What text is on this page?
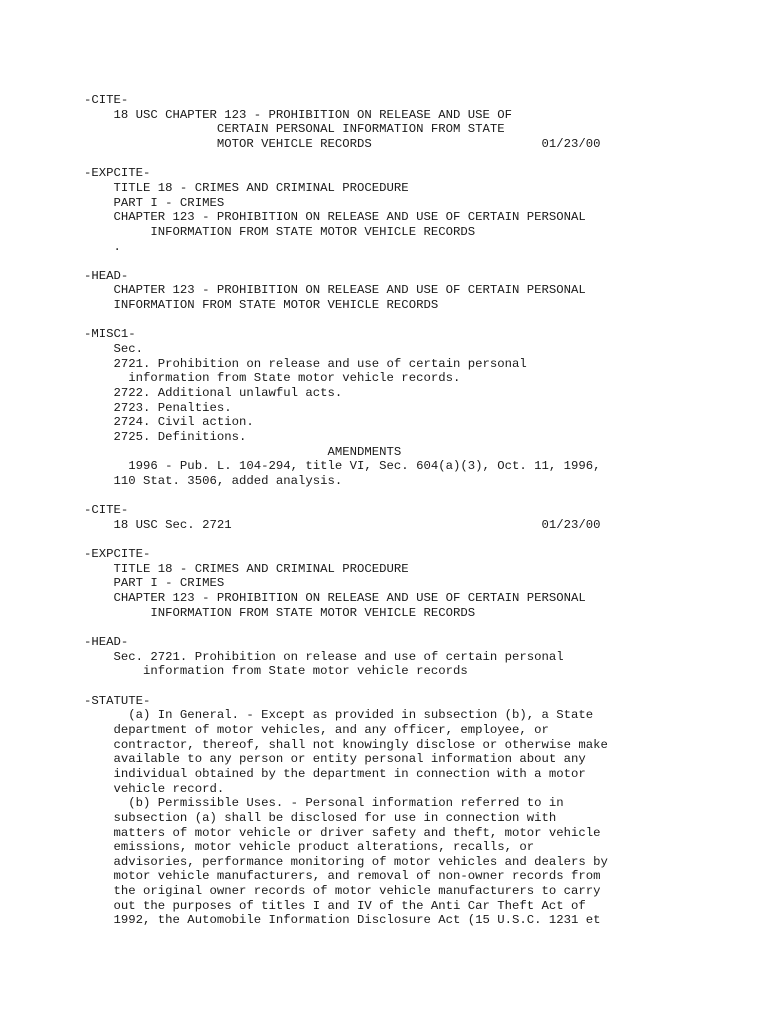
-CITE-
18 USC CHAPTER 123 - PROHIBITION ON RELEASE AND USE OF
CERTAIN PERSONAL INFORMATION FROM STATE
MOTOR VEHICLE RECORDS                       01/23/00
-EXPCITE-
TITLE 18 - CRIMES AND CRIMINAL PROCEDURE
PART I - CRIMES
CHAPTER 123 - PROHIBITION ON RELEASE AND USE OF CERTAIN PERSONAL
INFORMATION FROM STATE MOTOR VEHICLE RECORDS
.
-HEAD-
CHAPTER 123 - PROHIBITION ON RELEASE AND USE OF CERTAIN PERSONAL
INFORMATION FROM STATE MOTOR VEHICLE RECORDS
-MISC1-
Sec.
2721. Prohibition on release and use of certain personal
information from State motor vehicle records.
2722. Additional unlawful acts.
2723. Penalties.
2724. Civil action.
2725. Definitions.
AMENDMENTS
1996 - Pub. L. 104-294, title VI, Sec. 604(a)(3), Oct. 11, 1996,
110 Stat. 3506, added analysis.
-CITE-
18 USC Sec. 2721                                          01/23/00
-EXPCITE-
TITLE 18 - CRIMES AND CRIMINAL PROCEDURE
PART I - CRIMES
CHAPTER 123 - PROHIBITION ON RELEASE AND USE OF CERTAIN PERSONAL
INFORMATION FROM STATE MOTOR VEHICLE RECORDS
-HEAD-
Sec. 2721. Prohibition on release and use of certain personal
information from State motor vehicle records
-STATUTE-
(a) In General. - Except as provided in subsection (b), a State
department of motor vehicles, and any officer, employee, or
contractor, thereof, shall not knowingly disclose or otherwise make
available to any person or entity personal information about any
individual obtained by the department in connection with a motor
vehicle record.
(b) Permissible Uses. - Personal information referred to in
subsection (a) shall be disclosed for use in connection with
matters of motor vehicle or driver safety and theft, motor vehicle
emissions, motor vehicle product alterations, recalls, or
advisories, performance monitoring of motor vehicles and dealers by
motor vehicle manufacturers, and removal of non-owner records from
the original owner records of motor vehicle manufacturers to carry
out the purposes of titles I and IV of the Anti Car Theft Act of
1992, the Automobile Information Disclosure Act (15 U.S.C. 1231 et
